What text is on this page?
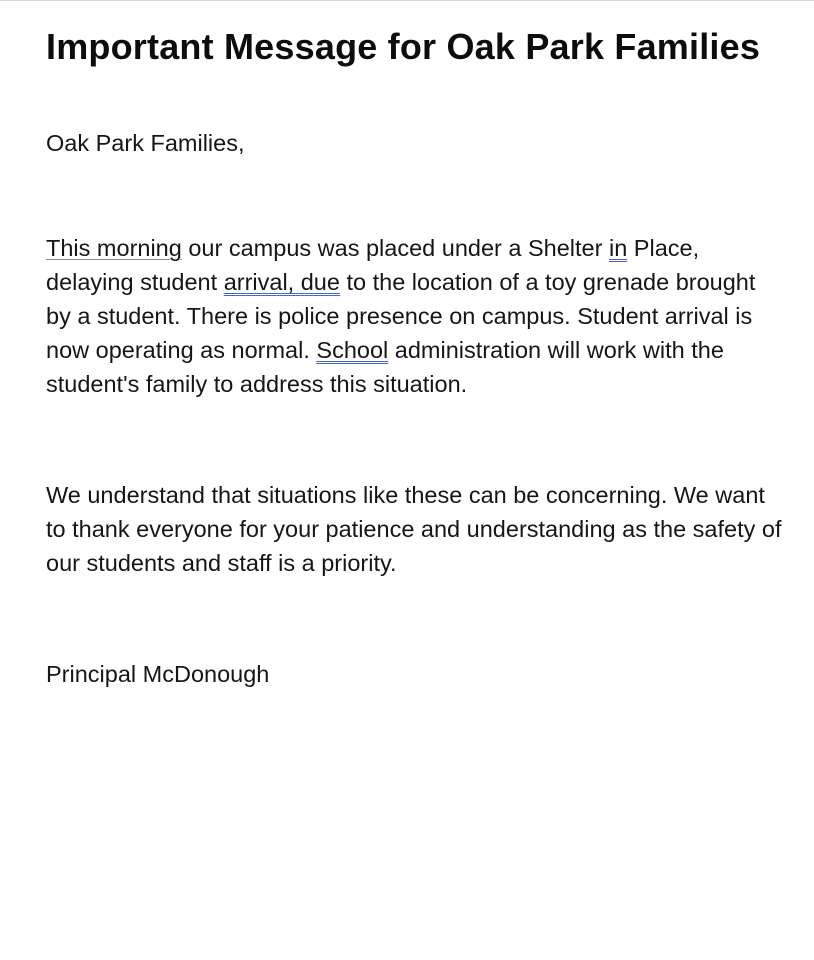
Important Message for Oak Park Families

Oak Park Families,

This morning our campus was placed under a Shelter in Place, delaying student arrival, due to the location of a toy grenade brought by a student. There is police presence on campus. Student arrival is now operating as normal. School administration will work with the student's family to address this situation.

We understand that situations like these can be concerning. We want to thank everyone for your patience and understanding as the safety of our students and staff is a priority.

Principal McDonough
